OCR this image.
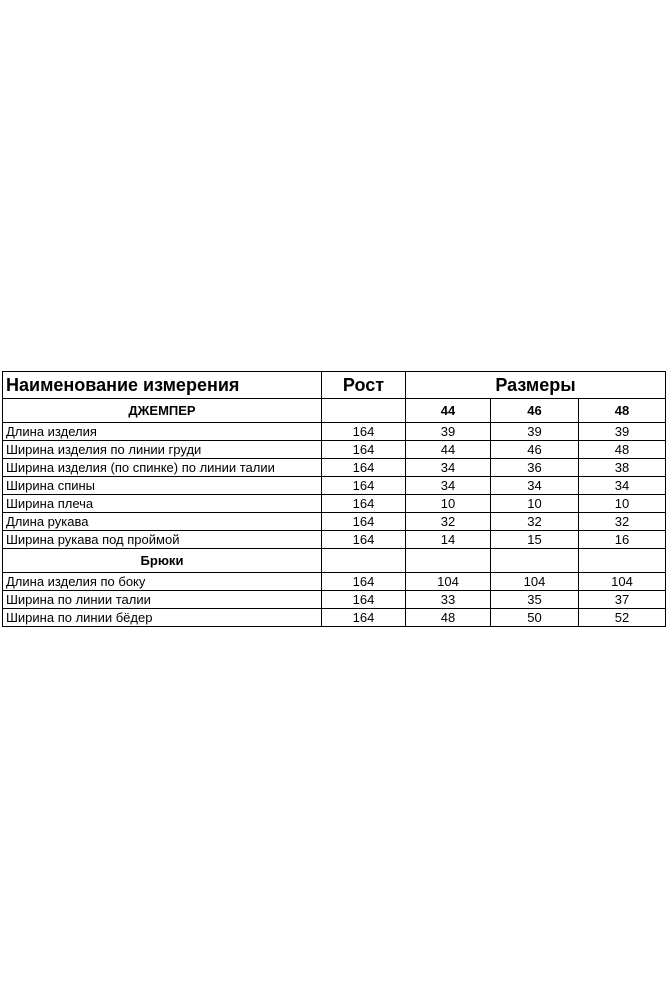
Наименование измерения	Рост	Размеры		
ДЖЕМПЕР		44	46	48
Длина изделия	164	39	39	39
Ширина изделия по линии груди	164	44	46	48
Ширина изделия (по спинке) по линии талии	164	34	36	38
Ширина спины	164	34	34	34
Ширина плеча	164	10	10	10
Длина рукава	164	32	32	32
Ширина рукава под проймой	164	14	15	16
Брюки				
Длина изделия по боку	164	104	104	104
Ширина по линии талии	164	33	35	37
Ширина по линии бёдер	164	48	50	52
